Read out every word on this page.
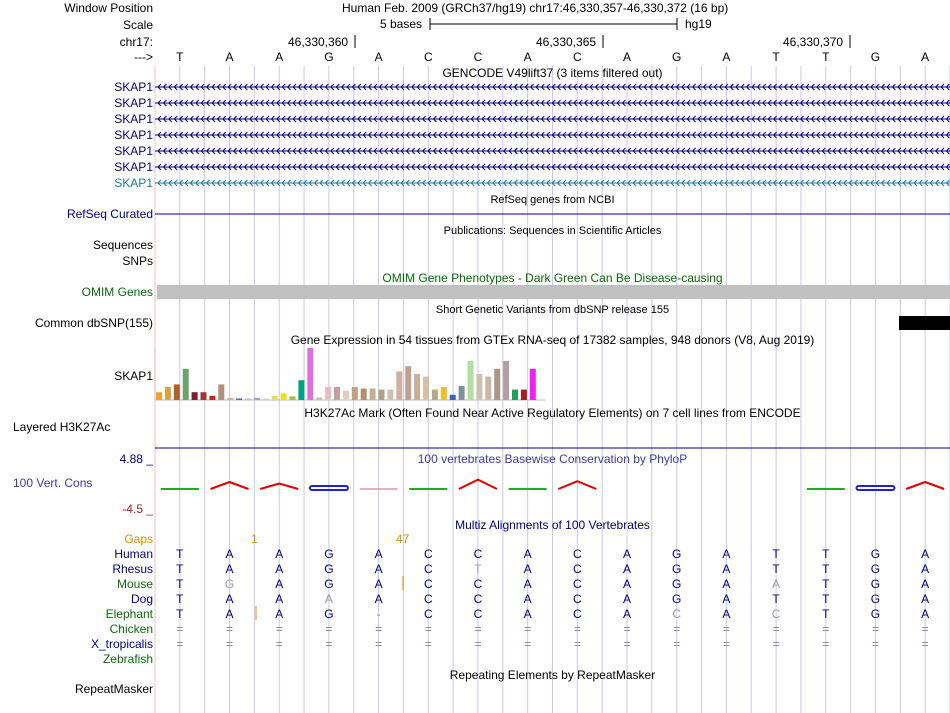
Window Position	Human Feb. 2009 (GRCh37/hg19) chr17:46,330,357-46,330,372 (16 bp)
Scale	5 bases	hg19
chr17:	46,330,360	46,330,365	46,330,370
--->	T	A	A	G	A	C	C	A	C	A	G	A	T	T	G	A
GENCODE V49lift37 (3 items filtered out)
SKAP1
SKAP1
SKAP1
SKAP1
SKAP1
SKAP1
SKAP1
RefSeq genes from NCBI
RefSeq Curated
Publications: Sequences in Scientific Articles
Sequences
SNPs
OMIM Gene Phenotypes - Dark Green Can Be Disease-causing
OMIM Genes
Short Genetic Variants from dbSNP release 155
Common dbSNP(155)
Gene Expression in 54 tissues from GTEx RNA-seq of 17382 samples, 948 donors (V8, Aug 2019)
SKAP1
H3K27Ac Mark (Often Found Near Active Regulatory Elements) on 7 cell lines from ENCODE
Layered H3K27Ac
4.88 _	100 vertebrates Basewise Conservation by PhyloP
100 Vert. Cons
-4.5 _
Multiz Alignments of 100 Vertebrates
Gaps	1	47
Human	T	A	A	G	A	C	C	A	C	A	G	A	T	T	G	A
Rhesus	T	A	A	G	A	C	T	A	C	A	G	A	T	T	G	A
Mouse	T	G	A	G	A	C	C	A	C	A	G	A	A	T	G	A
Dog	T	A	A	A	A	C	C	A	C	A	G	A	T	T	G	A
Elephant	T	A	A	G	-	C	C	A	C	A	C	A	C	T	G	A
Chicken	=	=	=	=	=	=	=	=	=	=	=	=	=	=	=	=
X_tropicalis	=	=	=	=	=	=	=	=	=	=	=	=	=	=	=	=
Zebrafish
Repeating Elements by RepeatMasker
RepeatMasker
